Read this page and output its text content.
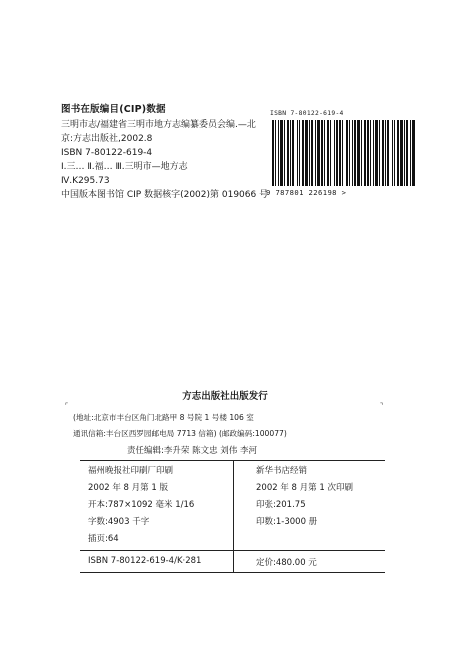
图书在版编目(CIP)数据
三明市志/福建省三明市地方志编纂委员会编.—北
京:方志出版社,2002.8
ISBN 7-80122-619-4
Ⅰ.三… Ⅱ.福… Ⅲ.三明市—地方志
Ⅳ.K295.73
中国版本图书馆 CIP 数据核字(2002)第 019066 号
ISBN 7-80122-619-4
9 787801 226198 >
方志出版社出版发行
(地址:北京市丰台区角门北路甲 8 号院 1 号楼 106 室
通讯信箱:丰台区西罗园邮电局 7713 信箱) (邮政编码:100077)
责任编辑:李升荣 陈文忠 刘伟 李河
⌜	⌝
福州晚报社印刷厂印刷
2002 年 8 月第 1 版
开本:787×1092 毫米 1/16
字数:4903 千字
插页:64
新华书店经销
2002 年 8 月第 1 次印刷
印张:201.75
印数:1-3000 册
ISBN 7-80122-619-4/K·281	定价:480.00 元
